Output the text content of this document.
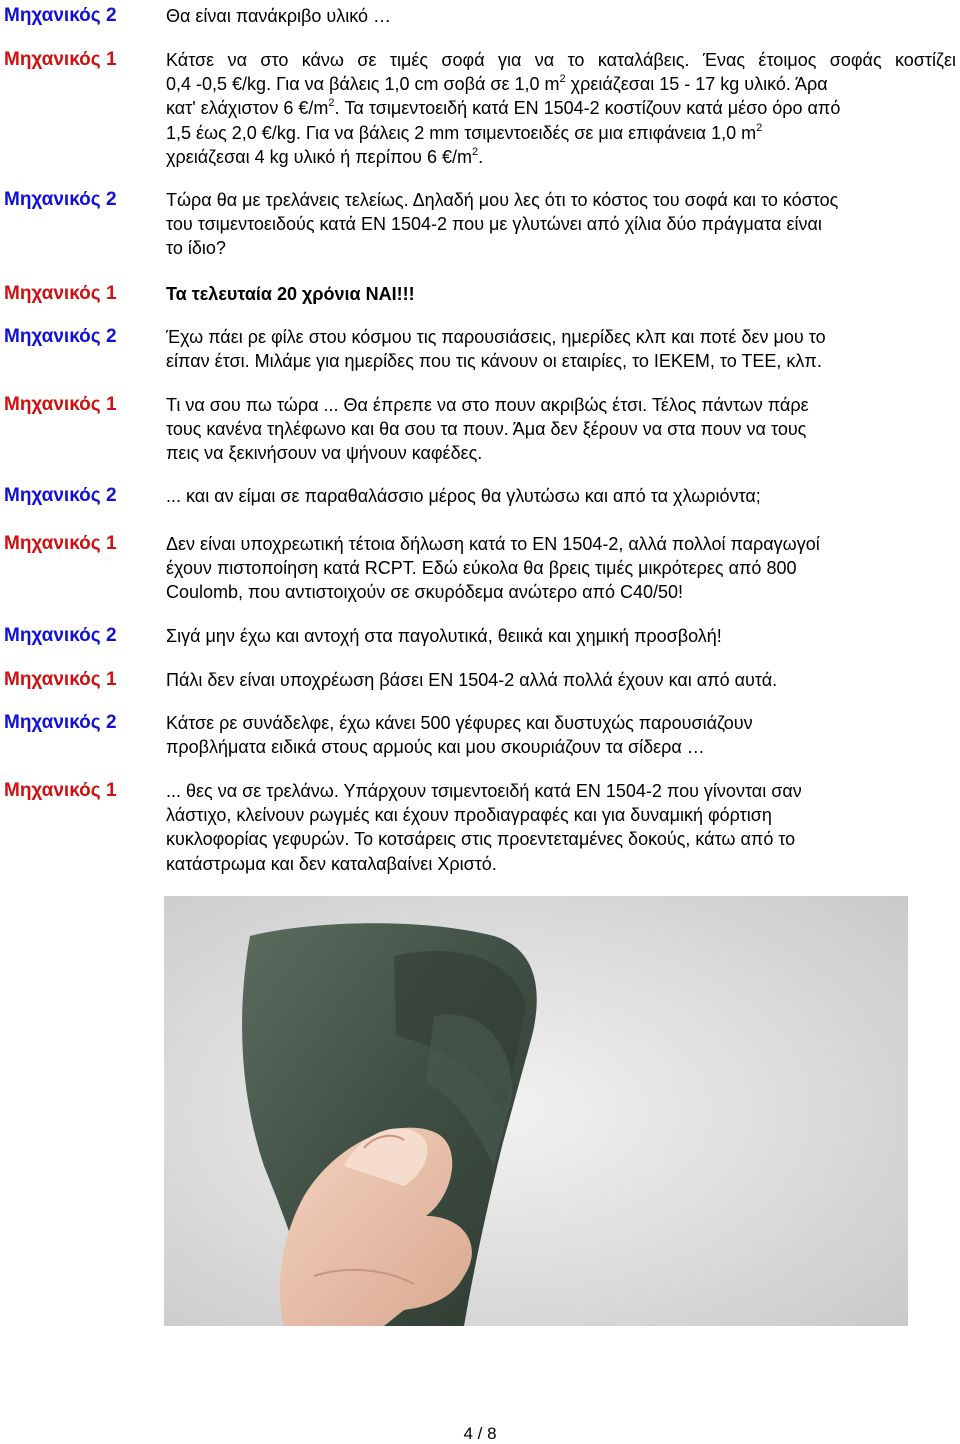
Μηχανικός 2	Θα είναι πανάκριβο υλικό …
Μηχανικός 1	Κάτσε να στο κάνω σε τιμές σοφά για να το καταλάβεις. Ένας έτοιμος σοφάς κοστίζει
0,4 -0,5 €/kg. Για να βάλεις 1,0 cm σοβά σε 1,0 $m^2$ χρειάζεσαι 15 - 17 kg υλικό. Άρα
κατ' ελάχιστον 6 $€/m^2$. Τα τσιμεντοειδή κατά EN 1504-2 κοστίζουν κατά μέσο όρο από
1,5 έως 2,0 €/kg. Για να βάλεις 2 mm τσιμεντοειδές σε μια επιφάνεια 1,0 $m^2$
χρειάζεσαι 4 kg υλικό ή περίπου 6 $€/m^2$.
Μηχανικός 2	Τώρα θα με τρελάνεις τελείως. Δηλαδή μου λες ότι το κόστος του σοφά και το κόστος
του τσιμεντοειδούς κατά EN 1504-2 που με γλυτώνει από χίλια δύο πράγματα είναι
το ίδιο?
Μηχανικός 1	Τα τελευταία 20 χρόνια ΝΑΙ!!!
Μηχανικός 2	Έχω πάει ρε φίλε στου κόσμου τις παρουσιάσεις, ημερίδες κλπ και ποτέ δεν μου το
είπαν έτσι. Μιλάμε για ημερίδες που τις κάνουν οι εταιρίες, το ΙΕΚΕΜ, το ΤΕΕ, κλπ.
Μηχανικός 1	Τι να σου πω τώρα ... Θα έπρεπε να στο πουν ακριβώς έτσι. Τέλος πάντων πάρε
τους κανένα τηλέφωνο και θα σου τα πουν. Άμα δεν ξέρουν να στα πουν να τους
πεις να ξεκινήσουν να ψήνουν καφέδες.
Μηχανικός 2	... και αν είμαι σε παραθαλάσσιο μέρος θα γλυτώσω και από τα χλωριόντα;
Μηχανικός 1	Δεν είναι υποχρεωτική τέτοια δήλωση κατά το EN 1504-2, αλλά πολλοί παραγωγοί
έχουν πιστοποίηση κατά RCPT. Εδώ εύκολα θα βρεις τιμές μικρότερες από 800
Coulomb, που αντιστοιχούν σε σκυρόδεμα ανώτερο από C40/50!
Μηχανικός 2	Σιγά μην έχω και αντοχή στα παγολυτικά, θειικά και χημική προσβολή!
Μηχανικός 1	Πάλι δεν είναι υποχρέωση βάσει EN 1504-2 αλλά πολλά έχουν και από αυτά.
Μηχανικός 2	Κάτσε ρε συνάδελφε, έχω κάνει 500 γέφυρες και δυστυχώς παρουσιάζουν
προβλήματα ειδικά στους αρμούς και μου σκουριάζουν τα σίδερα …
Μηχανικός 1	... θες να σε τρελάνω. Υπάρχουν τσιμεντοειδή κατά EN 1504-2 που γίνονται σαν
λάστιχο, κλείνουν ρωγμές και έχουν προδιαγραφές και για δυναμική φόρτιση
κυκλοφορίας γεφυρών. Το κοτσάρεις στις προεντεταμένες δοκούς, κάτω από το
κατάστρωμα και δεν καταλαβαίνει Χριστό.
4 / 8
